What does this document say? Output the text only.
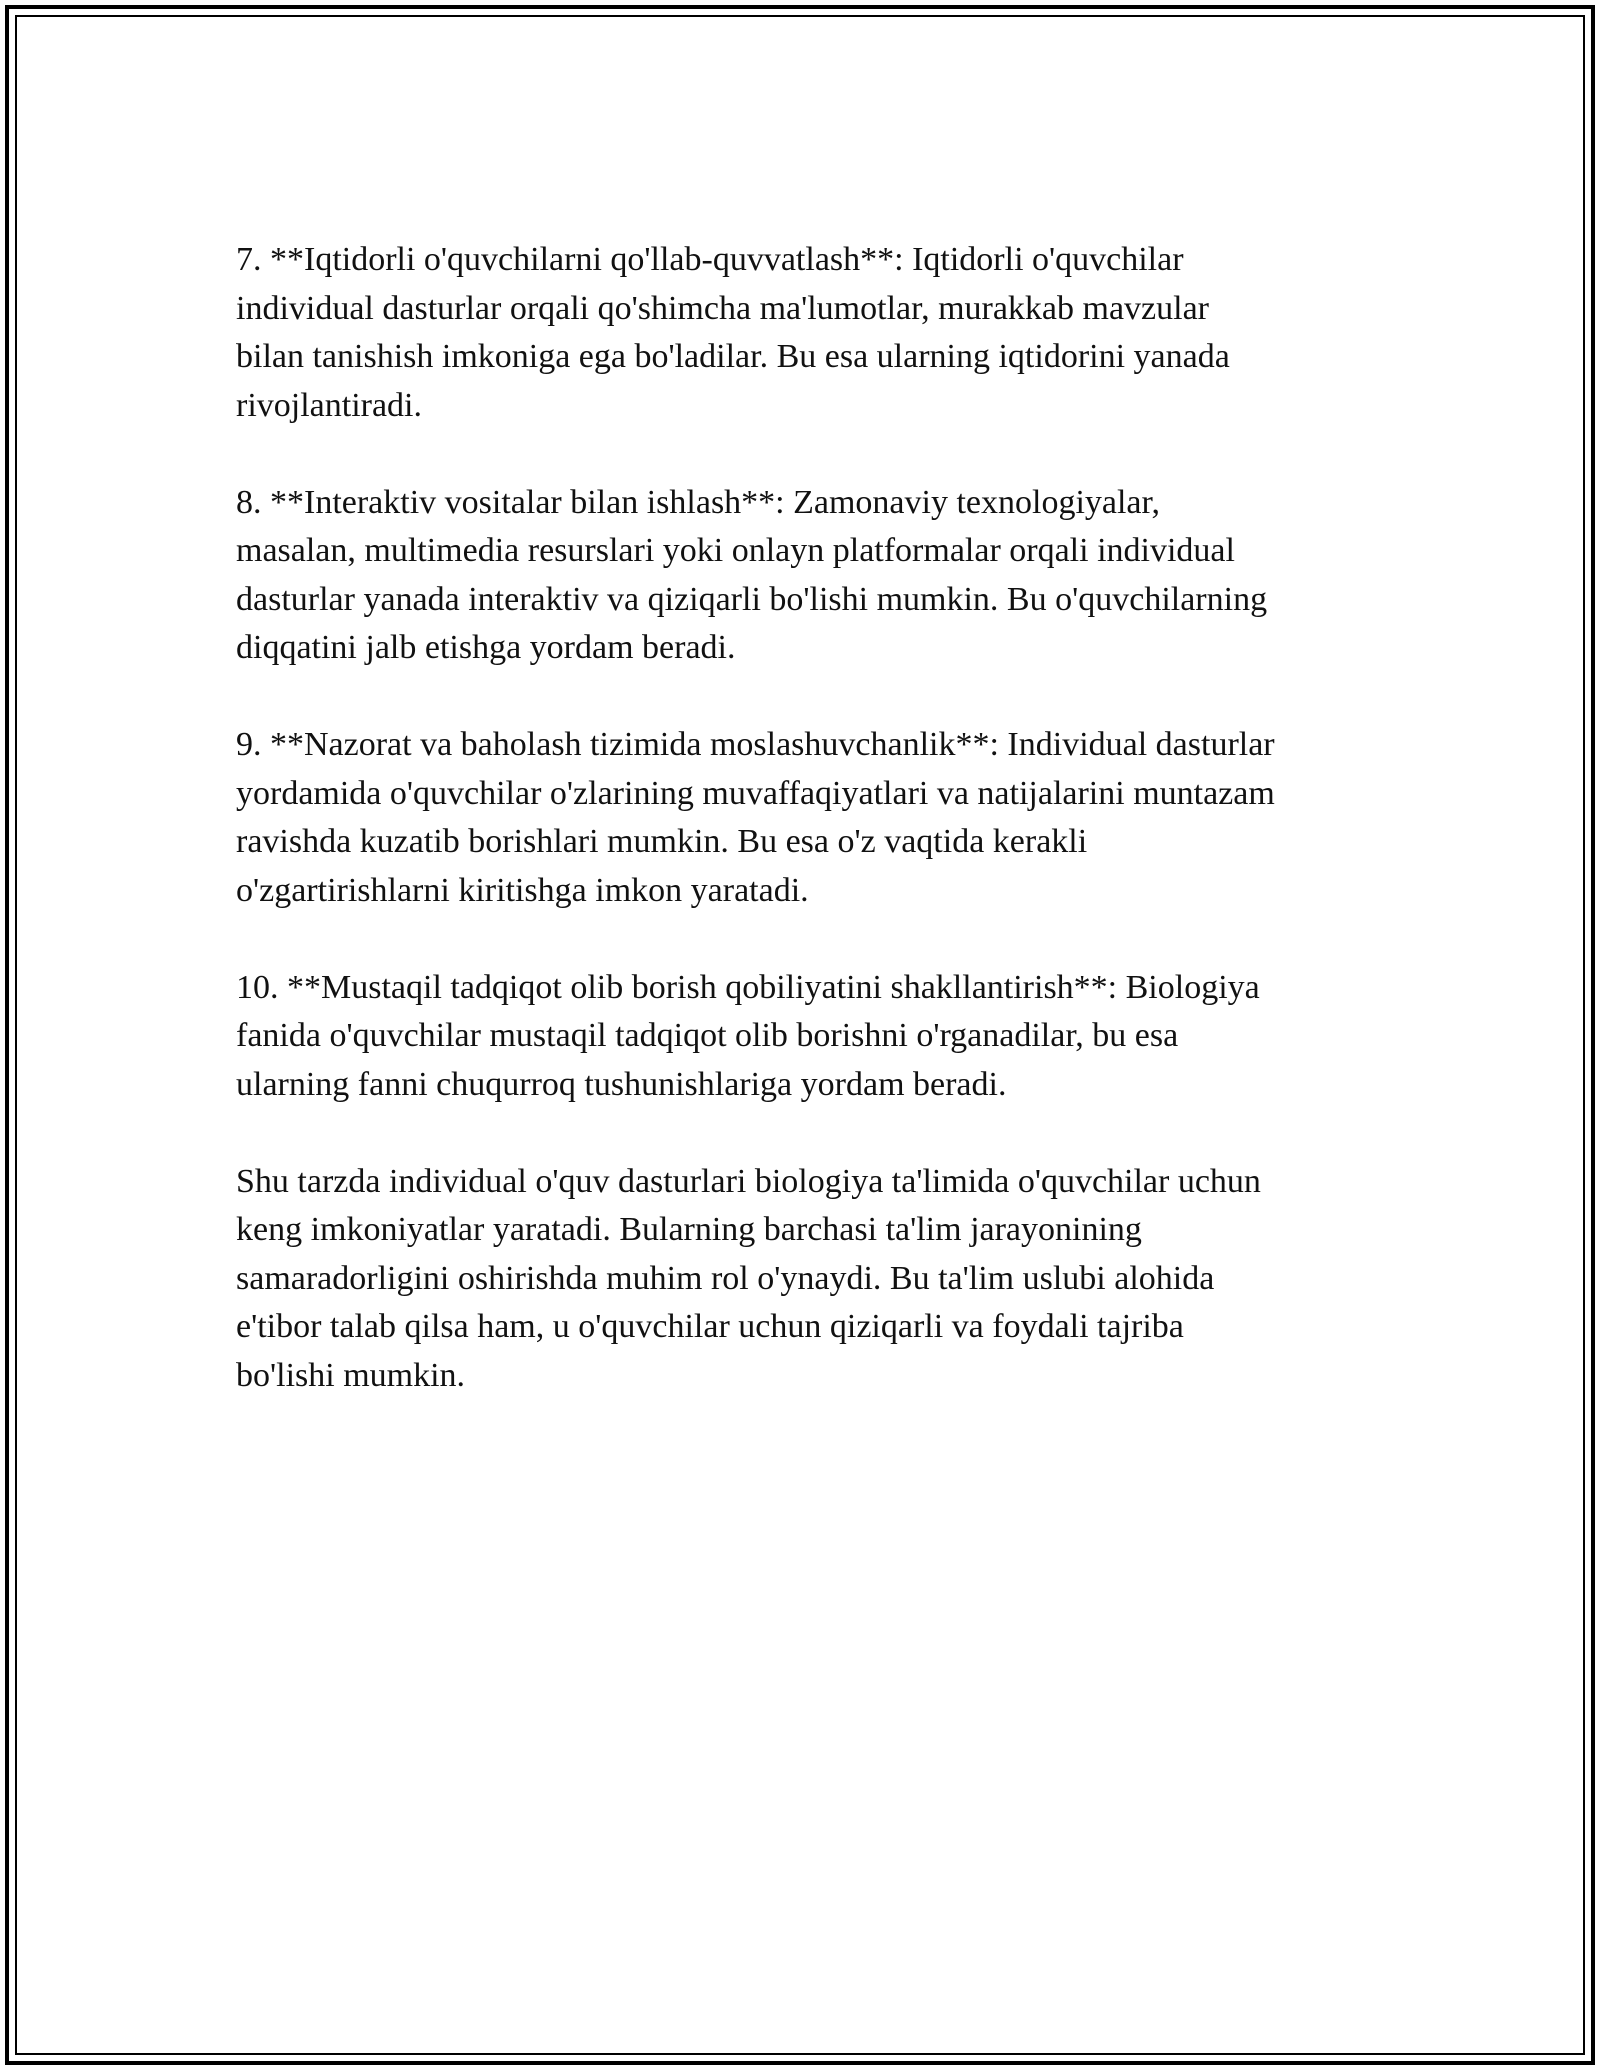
7. **Iqtidorli o'quvchilarni qo'llab-quvvatlash**: Iqtidorli o'quvchilar
individual dasturlar orqali qo'shimcha ma'lumotlar, murakkab mavzular
bilan tanishish imkoniga ega bo'ladilar. Bu esa ularning iqtidorini yanada
rivojlantiradi.

8. **Interaktiv vositalar bilan ishlash**: Zamonaviy texnologiyalar,
masalan, multimedia resurslari yoki onlayn platformalar orqali individual
dasturlar yanada interaktiv va qiziqarli bo'lishi mumkin. Bu o'quvchilarning
diqqatini jalb etishga yordam beradi.

9. **Nazorat va baholash tizimida moslashuvchanlik**: Individual dasturlar
yordamida o'quvchilar o'zlarining muvaffaqiyatlari va natijalarini muntazam
ravishda kuzatib borishlari mumkin. Bu esa o'z vaqtida kerakli
o'zgartirishlarni kiritishga imkon yaratadi.

10. **Mustaqil tadqiqot olib borish qobiliyatini shakllantirish**: Biologiya
fanida o'quvchilar mustaqil tadqiqot olib borishni o'rganadilar, bu esa
ularning fanni chuqurroq tushunishlariga yordam beradi.

Shu tarzda individual o'quv dasturlari biologiya ta'limida o'quvchilar uchun
keng imkoniyatlar yaratadi. Bularning barchasi ta'lim jarayonining
samaradorligini oshirishda muhim rol o'ynaydi. Bu ta'lim uslubi alohida
e'tibor talab qilsa ham, u o'quvchilar uchun qiziqarli va foydali tajriba
bo'lishi mumkin.
